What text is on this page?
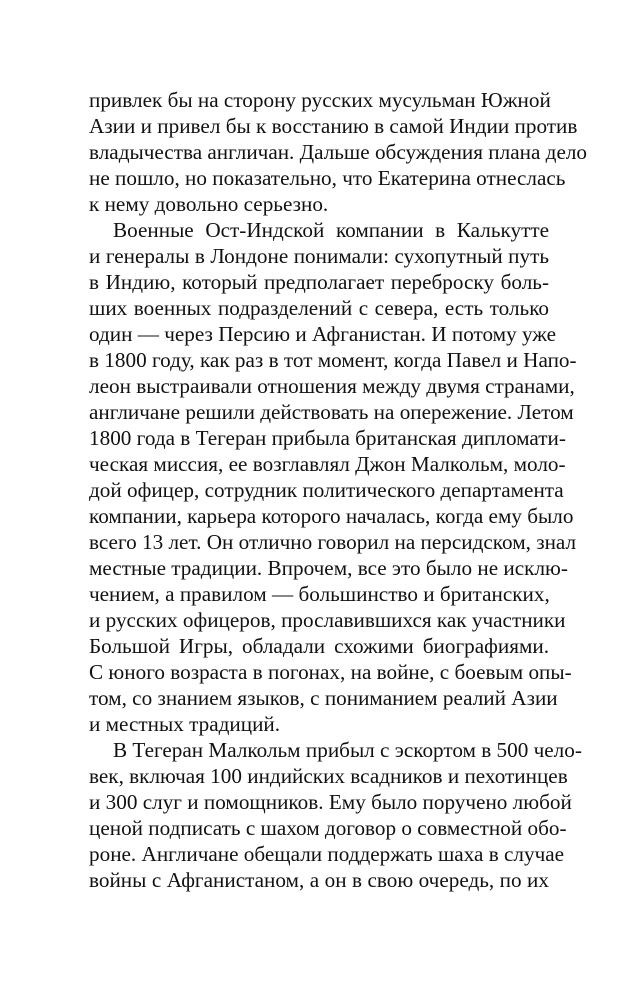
привлек бы на сторону русских мусульман Южной
Азии и привел бы к восстанию в самой Индии против
владычества англичан. Дальше обсуждения плана дело
не пошло, но показательно, что Екатерина отнеслась
к нему довольно серьезно.
Военные Ост-Индской компании в Калькутте
и генералы в Лондоне понимали: сухопутный путь
в Индию, который предполагает переброску боль-
ших военных подразделений с севера, есть только
один — через Персию и Афганистан. И потому уже
в 1800 году, как раз в тот момент, когда Павел и Напо-
леон выстраивали отношения между двумя странами,
англичане решили действовать на опережение. Летом
1800 года в Тегеран прибыла британская дипломати-
ческая миссия, ее возглавлял Джон Малкольм, моло-
дой офицер, сотрудник политического департамента
компании, карьера которого началась, когда ему было
всего 13 лет. Он отлично говорил на персидском, знал
местные традиции. Впрочем, все это было не исклю-
чением, а правилом — большинство и британских,
и русских офицеров, прославившихся как участники
Большой Игры, обладали схожими биографиями.
С юного возраста в погонах, на войне, с боевым опы-
том, со знанием языков, с пониманием реалий Азии
и местных традиций.
В Тегеран Малкольм прибыл с эскортом в 500 чело-
век, включая 100 индийских всадников и пехотинцев
и 300 слуг и помощников. Ему было поручено любой
ценой подписать с шахом договор о совместной обо-
роне. Англичане обещали поддержать шаха в случае
войны с Афганистаном, а он в свою очередь, по их
